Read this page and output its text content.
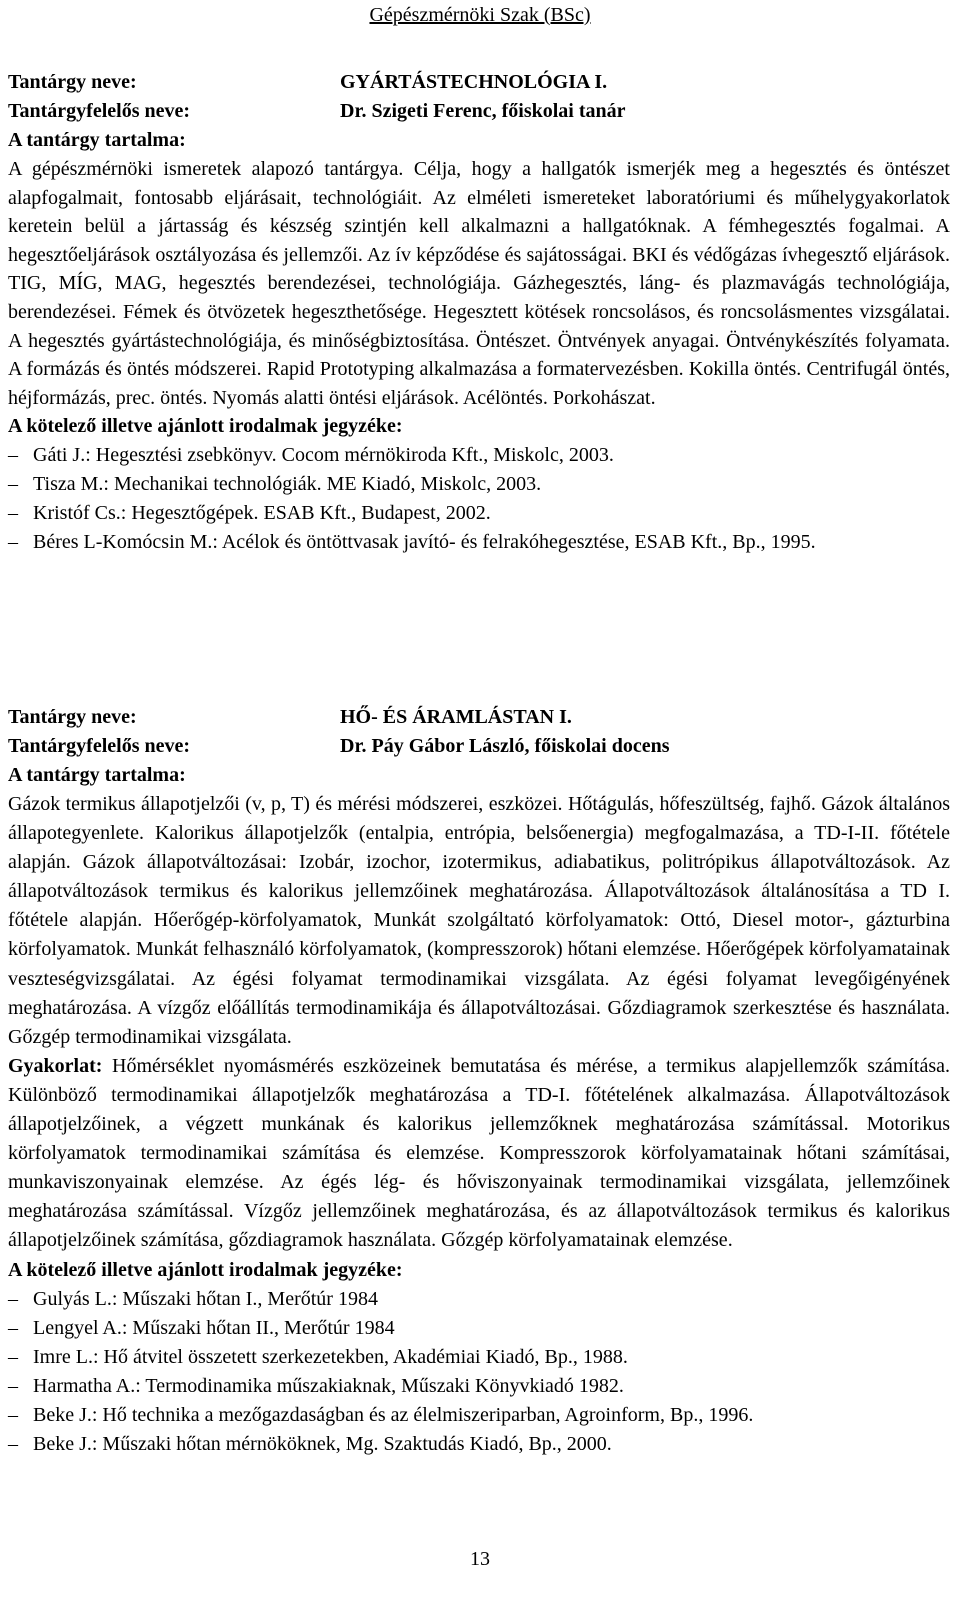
Gépészmérnöki Szak (BSc)
Tantárgy neve:	GYÁRTÁSTECHNOLÓGIA I.
Tantárgyfelelős neve:	Dr. Szigeti Ferenc, főiskolai tanár
A tantárgy tartalma:

A gépészmérnöki ismeretek alapozó tantárgya. Célja, hogy a hallgatók ismerjék meg a hegesztés és öntészet alapfogalmait, fontosabb eljárásait, technológiáit. Az elméleti ismereteket laboratóriumi és műhelygyakorlatok keretein belül a jártasság és készség szintjén kell alkalmazni a hallgatóknak. A fémhegesztés fogalmai. A hegesztőeljárások osztályozása és jellemzői. Az ív képződése és sajátosságai. BKI és védőgázas ívhegesztő eljárások. TIG, MÍG, MAG, hegesztés berendezései, technológiája. Gázhegesztés, láng- és plazmavágás technológiája, berendezései. Fémek és ötvözetek hegeszthetősége. Hegesztett kötések roncsolásos, és roncsolásmentes vizsgálatai. A hegesztés gyártástechnológiája, és minőségbiztosítása. Öntészet. Öntvények anyagai. Öntvénykészítés folyamata. A formázás és öntés módszerei. Rapid Prototyping alkalmazása a formatervezésben. Kokilla öntés. Centrifugál öntés, héjformázás, prec. öntés. Nyomás alatti öntési eljárások. Acélöntés. Porkohászat.

A kötelező illetve ajánlott irodalmak jegyzéke:
– Gáti J.: Hegesztési zsebkönyv. Cocom mérnökiroda Kft., Miskolc, 2003.
– Tisza M.: Mechanikai technológiák. ME Kiadó, Miskolc, 2003.
– Kristóf Cs.: Hegesztőgépek. ESAB Kft., Budapest, 2002.
– Béres L-Komócsin M.: Acélok és öntöttvasak javító- és felrakóhegesztése, ESAB Kft., Bp., 1995.
Tantárgy neve:	HŐ- ÉS ÁRAMLÁSTAN I.
Tantárgyfelelős neve:	Dr. Páy Gábor László, főiskolai docens
A tantárgy tartalma:

Gázok termikus állapotjelzői (v, p, T) és mérési módszerei, eszközei. Hőtágulás, hőfeszültség, fajhő. Gázok általános állapotegyenlete. Kalorikus állapotjelzők (entalpia, entrópia, belsőenergia) megfogalmazása, a TD-I-II. főtétele alapján. Gázok állapotváltozásai: Izobár, izochor, izotermikus, adiabatikus, politrópikus állapotváltozások. Az állapotváltozások termikus és kalorikus jellemzőinek meghatározása. Állapotváltozások általánosítása a TD I. főtétele alapján. Hőerőgép-körfolyamatok, Munkát szolgáltató körfolyamatok: Ottó, Diesel motor-, gázturbina körfolyamatok. Munkát felhasználó körfolyamatok, (kompresszorok) hőtani elemzése. Hőerőgépek körfolyamatainak veszteségvizsgálatai. Az égési folyamat termodinamikai vizsgálata. Az égési folyamat levegőigényének meghatározása. A vízgőz előállítás termodinamikája és állapotváltozásai. Gőzdiagramok szerkesztése és használata. Gőzgép termodinamikai vizsgálata.

Gyakorlat: Hőmérséklet nyomásmérés eszközeinek bemutatása és mérése, a termikus alapjellemzők számítása. Különböző termodinamikai állapotjelzők meghatározása a TD-I. főtételének alkalmazása. Állapotváltozások állapotjelzőinek, a végzett munkának és kalorikus jellemzőknek meghatározása számítással. Motorikus körfolyamatok termodinamikai számítása és elemzése. Kompresszorok körfolyamatainak hőtani számításai, munkaviszonyainak elemzése. Az égés lég- és hőviszonyainak termodinamikai vizsgálata, jellemzőinek meghatározása számítással. Vízgőz jellemzőinek meghatározása, és az állapotváltozások termikus és kalorikus állapotjelzőinek számítása, gőzdiagramok használata. Gőzgép körfolyamatainak elemzése.

A kötelező illetve ajánlott irodalmak jegyzéke:
– Gulyás L.: Műszaki hőtan I., Merőtúr 1984
– Lengyel A.: Műszaki hőtan II., Merőtúr 1984
– Imre L.: Hő átvitel összetett szerkezetekben, Akadémiai Kiadó, Bp., 1988.
– Harmatha A.: Termodinamika műszakiaknak, Műszaki Könyvkiadó 1982.
– Beke J.: Hő technika a mezőgazdaságban és az élelmiszeriparban, Agroinform, Bp., 1996.
– Beke J.: Műszaki hőtan mérnököknek, Mg. Szaktudás Kiadó, Bp., 2000.
13
